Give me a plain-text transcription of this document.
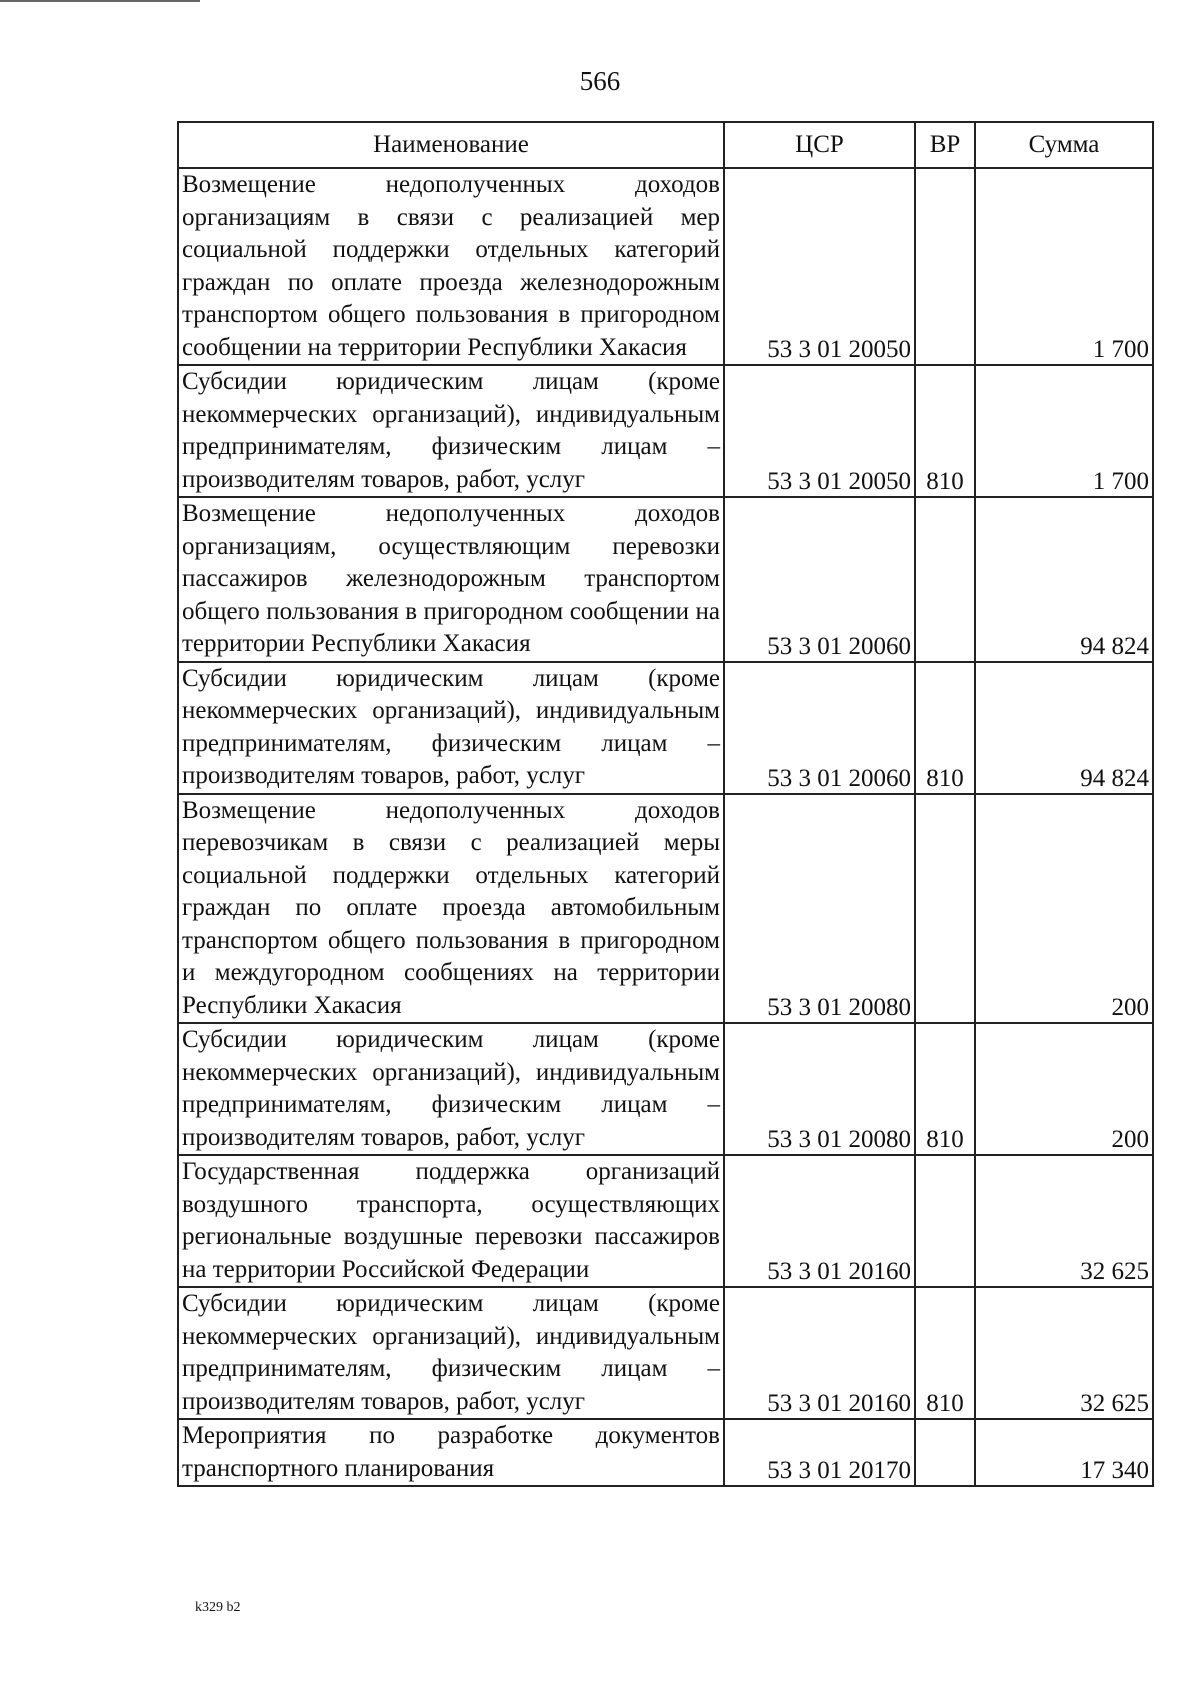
566
Наименование	ЦСР	ВР	Сумма
Возмещение недополученных доходов организациям в связи с реализацией мер социальной поддержки отдельных категорий граждан по оплате проезда железнодорожным транспортом общего пользования в пригородном сообщении на территории Республики Хакасия	53 3 01 20050		1 700
Субсидии юридическим лицам (кроме некоммерческих организаций), индивидуальным предпринимателям, физическим лицам – производителям товаров, работ, услуг	53 3 01 20050	810	1 700
Возмещение недополученных доходов организациям, осуществляющим перевозки пассажиров железнодорожным транспортом общего пользования в пригородном сообщении на территории Республики Хакасия	53 3 01 20060		94 824
Субсидии юридическим лицам (кроме некоммерческих организаций), индивидуальным предпринимателям, физическим лицам – производителям товаров, работ, услуг	53 3 01 20060	810	94 824
Возмещение недополученных доходов перевозчикам в связи с реализацией меры социальной поддержки отдельных категорий граждан по оплате проезда автомобильным транспортом общего пользования в пригородном и междугородном сообщениях на территории Республики Хакасия	53 3 01 20080		200
Субсидии юридическим лицам (кроме некоммерческих организаций), индивидуальным предпринимателям, физическим лицам – производителям товаров, работ, услуг	53 3 01 20080	810	200
Государственная поддержка организаций воздушного транспорта, осуществляющих региональные воздушные перевозки пассажиров на территории Российской Федерации	53 3 01 20160		32 625
Субсидии юридическим лицам (кроме некоммерческих организаций), индивидуальным предпринимателям, физическим лицам – производителям товаров, работ, услуг	53 3 01 20160	810	32 625
Мероприятия по разработке документов транспортного планирования	53 3 01 20170		17 340
k329 b2
